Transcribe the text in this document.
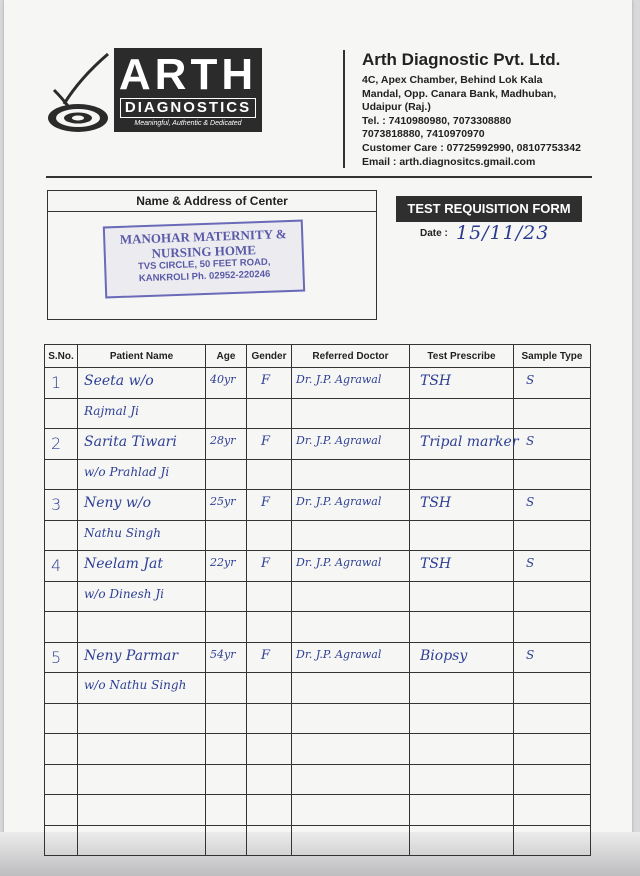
ARTH
DIAGNOSTICS
Meaningful, Authentic & Dedicated
Arth Diagnostic Pvt. Ltd.
4C, Apex Chamber, Behind Lok Kala
Mandal, Opp. Canara Bank, Madhuban,
Udaipur (Raj.)
Tel. : 7410980980, 7073308880
7073818880, 7410970970
Customer Care : 07725992990, 08107753342
Email : arth.diagnositcs.gmail.com
Name & Address of Center
MANOHAR MATERNITY &
NURSING HOME
TVS CIRCLE, 50 FEET ROAD,
KANKROLI Ph. 02952-220246
TEST REQUISITION FORM
Date : 15/11/23
S.No.	Patient Name	Age	Gender	Referred Doctor	Test Prescribe	Sample Type

1	Seeta w/o	40yr	F	Dr. J.P. Agrawal	TSH	S

	Rajmal Ji					

2	Sarita Tiwari	28yr	F	Dr. J.P. Agrawal	Tripal marker	S

	w/o Prahlad Ji					

3	Neny w/o	25yr	F	Dr. J.P. Agrawal	TSH	S

	Nathu Singh					

4	Neelam Jat	22yr	F	Dr. J.P. Agrawal	TSH	S

	w/o Dinesh Ji					

5	Neny Parmar	54yr	F	Dr. J.P. Agrawal	Biopsy	S

	w/o Nathu Singh					
